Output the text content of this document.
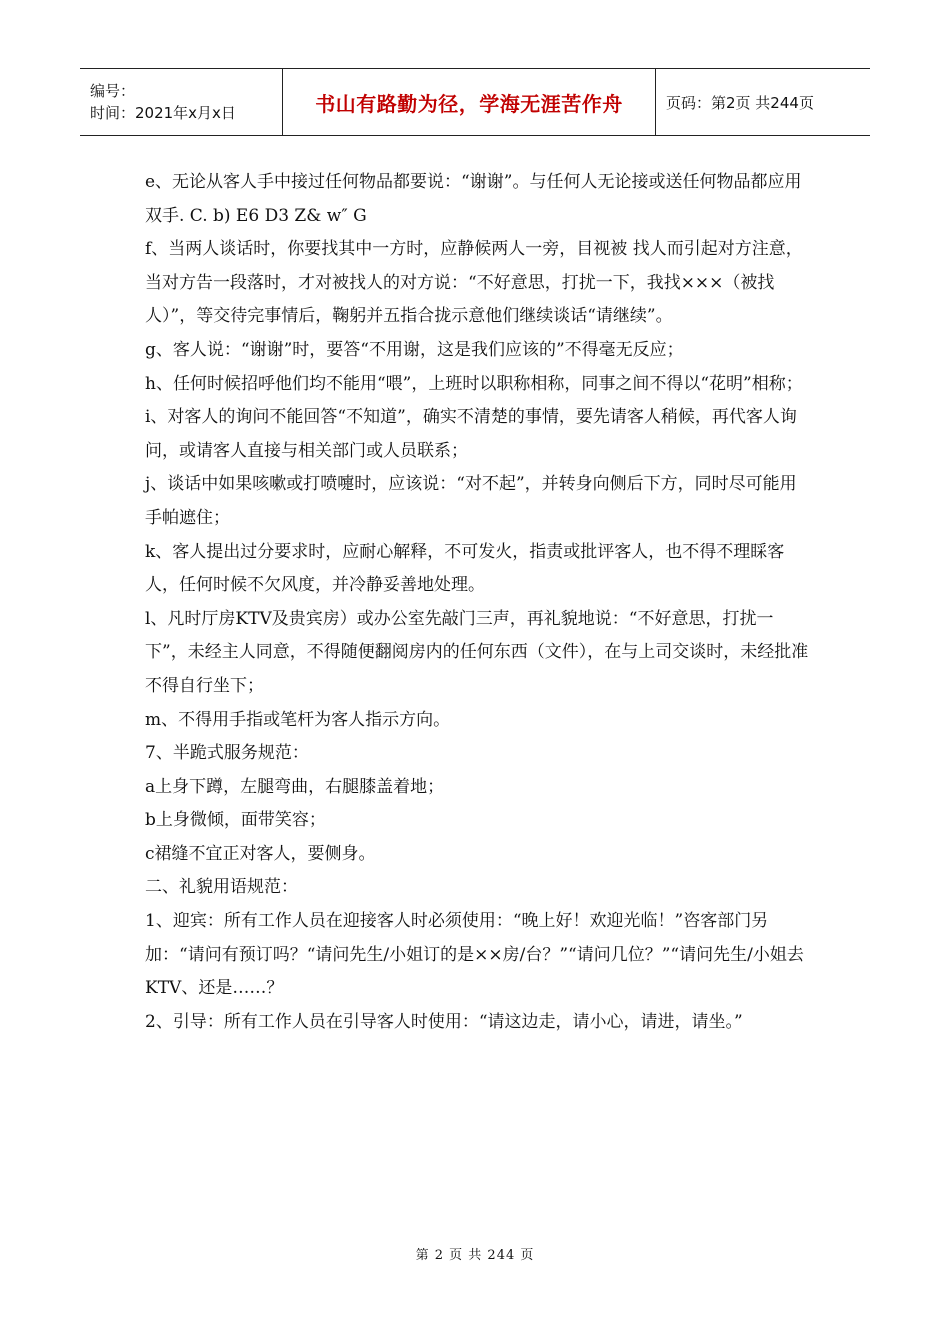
编号：
时间：2021年x月x日	书山有路勤为径，学海无涯苦作舟	页码：第2页 共244页

e、无论从客人手中接过任何物品都要说：“谢谢”。与任何人无论接或送任何物品都应用双手. C. b) E6 D3 Z& w″ G

f、当两人谈话时，你要找其中一方时，应静候两人一旁，目视被 找人而引起对方注意，当对方告一段落时，才对被找人的对方说：“不好意思，打扰一下，我找×××（被找人）”，等交待完事情后，鞠躬并五指合拢示意他们继续谈话“请继续”。

g、客人说：“谢谢”时，要答“不用谢，这是我们应该的”不得毫无反应；

h、任何时候招呼他们均不能用“喂”，上班时以职称相称，同事之间不得以“花明”相称；

i、对客人的询问不能回答“不知道”，确实不清楚的事情，要先请客人稍候，再代客人询问，或请客人直接与相关部门或人员联系；

j、谈话中如果咳嗽或打喷嚏时，应该说：“对不起”，并转身向侧后下方，同时尽可能用手帕遮住；

k、客人提出过分要求时，应耐心解释，不可发火，指责或批评客人，也不得不理睬客人，任何时候不欠风度，并冷静妥善地处理。

l、凡时厅房KTV及贵宾房）或办公室先敲门三声，再礼貌地说：“不好意思，打扰一下”，未经主人同意，不得随便翻阅房内的任何东西（文件），在与上司交谈时，未经批准不得自行坐下；

m、不得用手指或笔杆为客人指示方向。

7、半跪式服务规范：

a上身下蹲，左腿弯曲，右腿膝盖着地；

b上身微倾，面带笑容；

c裙缝不宜正对客人，要侧身。

二、礼貌用语规范：

1、迎宾：所有工作人员在迎接客人时必须使用：“晚上好！欢迎光临！”咨客部门另加：“请问有预订吗？“请问先生/小姐订的是××房/台？”“请问几位？”“请问先生/小姐去KTV、还是……？

2、引导：所有工作人员在引导客人时使用：“请这边走，请小心，请进，请坐。”

第 2 页 共 244 页
